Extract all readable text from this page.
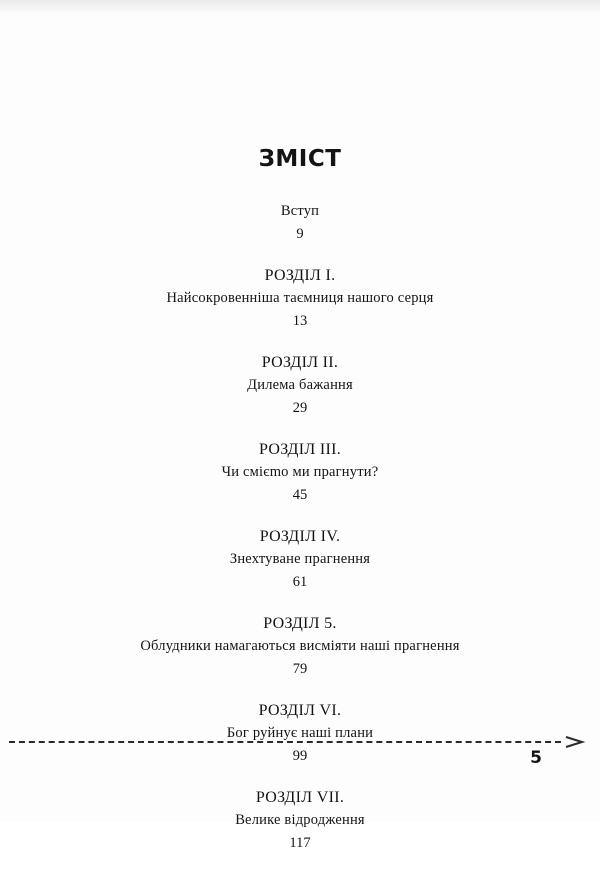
ЗМІСТ
Вступ
9
РОЗДІЛ І.
Найсокровенніша таємниця нашого серця
13
РОЗДІЛ ІІ.
Дилема бажання
29
РОЗДІЛ ІІІ.
Чи смієmo ми прагнути?
45
РОЗДІЛ IV.
Знехтуване прагнення
61
РОЗДІЛ 5.
Облудники намагаються висміяти наші прагнення
79
РОЗДІЛ VI.
Бог руйнує наші плани
99
РОЗДІЛ VII.
Велике відродження
117
5
